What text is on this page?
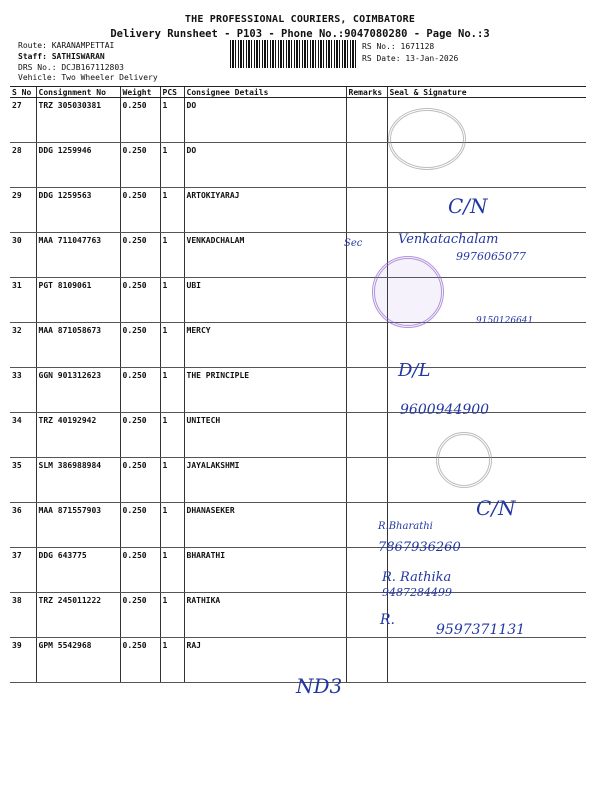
THE PROFESSIONAL COURIERS, COIMBATORE
Delivery Runsheet - P103 - Phone No.:9047080280 - Page No.:3
Route: KARANAMPETTAI
Staff: SATHISWARAN
DRS No.: DCJB167112803
Vehicle: Two Wheeler Delivery
RS No.: 1671128
RS Date: 13-Jan-2026
S No	Consignment No	Weight	PCS	Consignee Details	Remarks	Seal & Signature
27	TRZ 305030381	0.250	1	DO		
28	DDG 1259946	0.250	1	DO		
29	DDG 1259563	0.250	1	ARTOKIYARAJ		
30	MAA 711047763	0.250	1	VENKADCHALAM		
31	PGT 8109061	0.250	1	UBI		
32	MAA 871058673	0.250	1	MERCY		
33	GGN 901312623	0.250	1	THE PRINCIPLE		
34	TRZ 40192942	0.250	1	UNITECH		
35	SLM 386988984	0.250	1	JAYALAKSHMI		
36	MAA 871557903	0.250	1	DHANASEKER		
37	DDG 643775	0.250	1	BHARATHI		
38	TRZ 245011222	0.250	1	RATHIKA		
39	GPM 5542968	0.250	1	RAJ		
C/N
Sec	Venkatachalam
9976065077
9150126641
D/L
9600944900
C/N
R.Bharathi
7867936260
R. Rathika
9487284499
R.
9597371131
ND3
